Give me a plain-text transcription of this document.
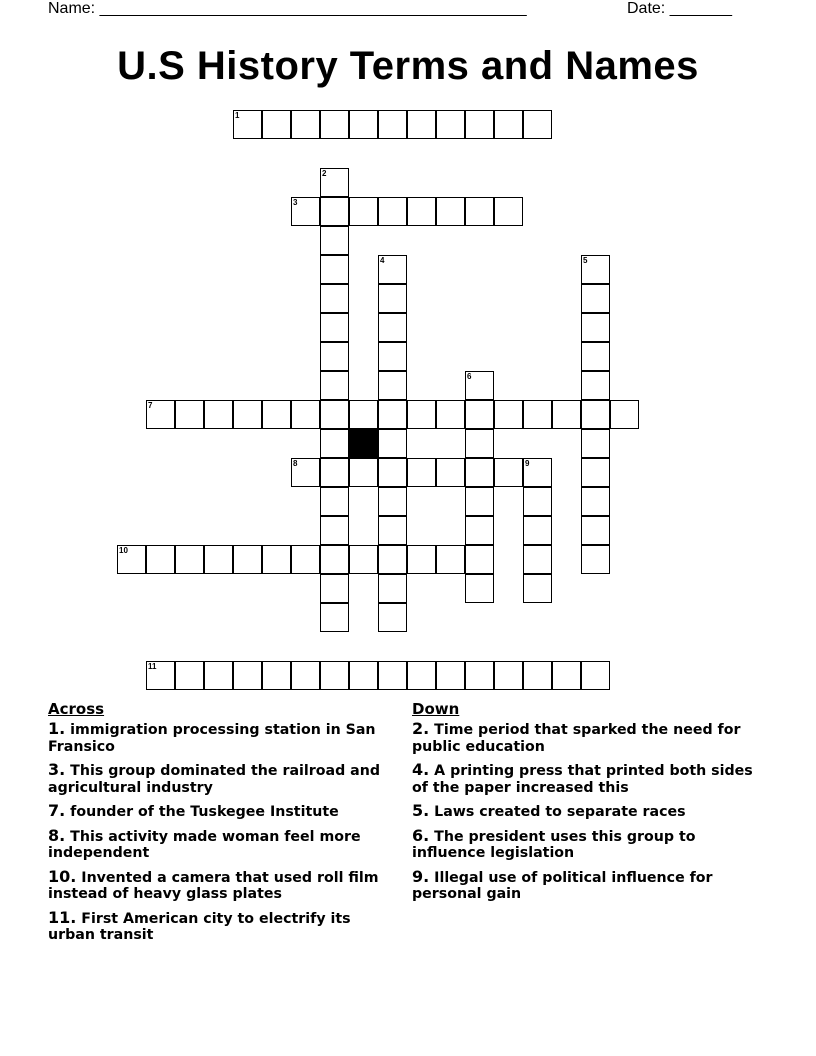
Name: ________________________________________________	Date: _______
U.S History Terms and Names
1
3
7
8	9
10
11
2
4	5
6
Across
1. immigration processing station in San Fransico
3. This group dominated the railroad and agricultural industry
7. founder of the Tuskegee Institute
8. This activity made woman feel more independent
10. Invented a camera that used roll film instead of heavy glass plates
11. First American city to electrify its urban transit
Down
2. Time period that sparked the need for public education
4. A printing press that printed both sides of the paper increased this
5. Laws created to separate races
6. The president uses this group to influence legislation
9. Illegal use of political influence for personal gain
